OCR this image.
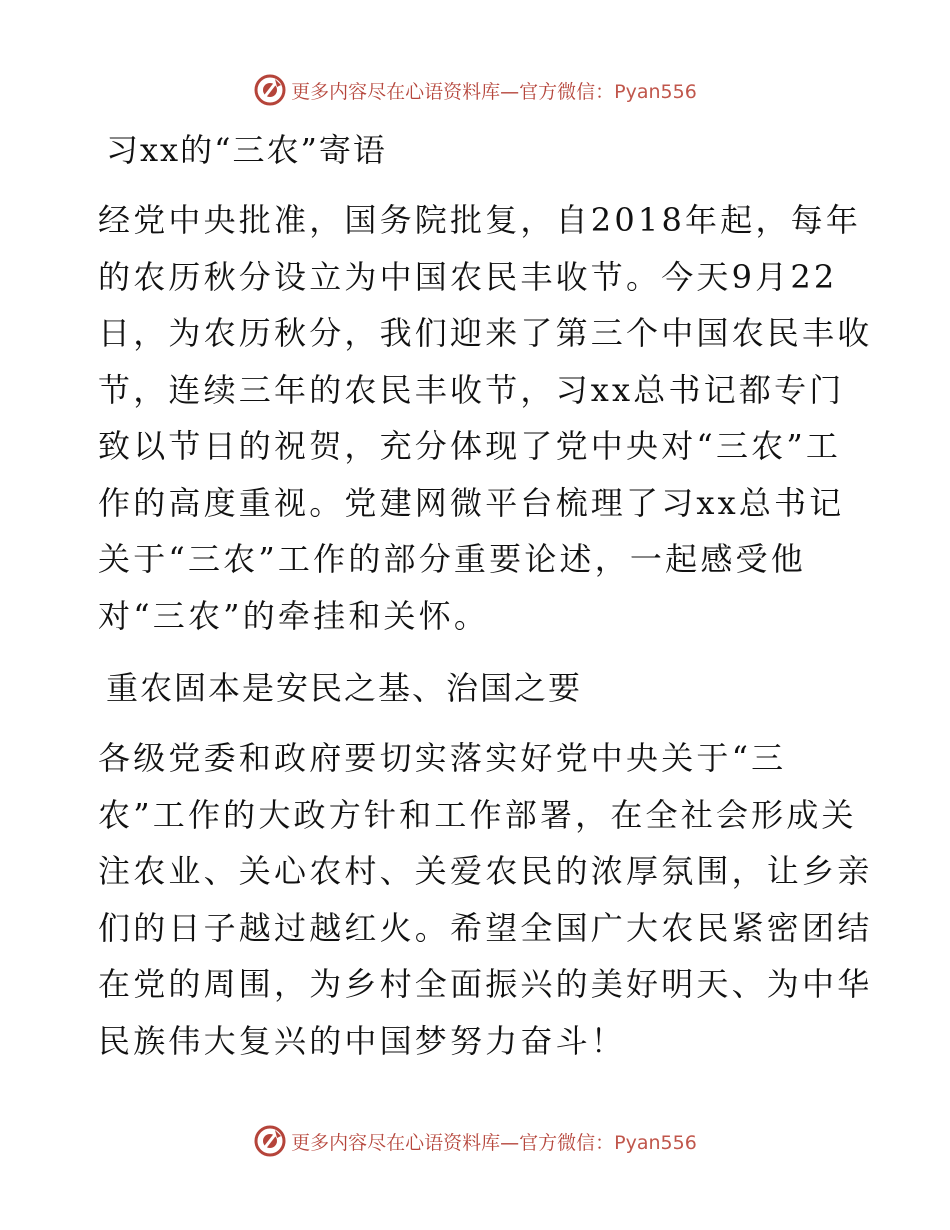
更多内容尽在心语资料库—官方微信：Pyan556
习xx的“三农”寄语
经党中央批准，国务院批复，自2018年起，每年
的农历秋分设立为中国农民丰收节。今天9月22
日，为农历秋分，我们迎来了第三个中国农民丰收
节，连续三年的农民丰收节，习xx总书记都专门
致以节日的祝贺，充分体现了党中央对“三农”工
作的高度重视。党建网微平台梳理了习xx总书记
关于“三农”工作的部分重要论述，一起感受他
对“三农”的牵挂和关怀。
重农固本是安民之基、治国之要
各级党委和政府要切实落实好党中央关于“三
农”工作的大政方针和工作部署，在全社会形成关
注农业、关心农村、关爱农民的浓厚氛围，让乡亲
们的日子越过越红火。希望全国广大农民紧密团结
在党的周围，为乡村全面振兴的美好明天、为中华
民族伟大复兴的中国梦努力奋斗！
更多内容尽在心语资料库—官方微信：Pyan556
